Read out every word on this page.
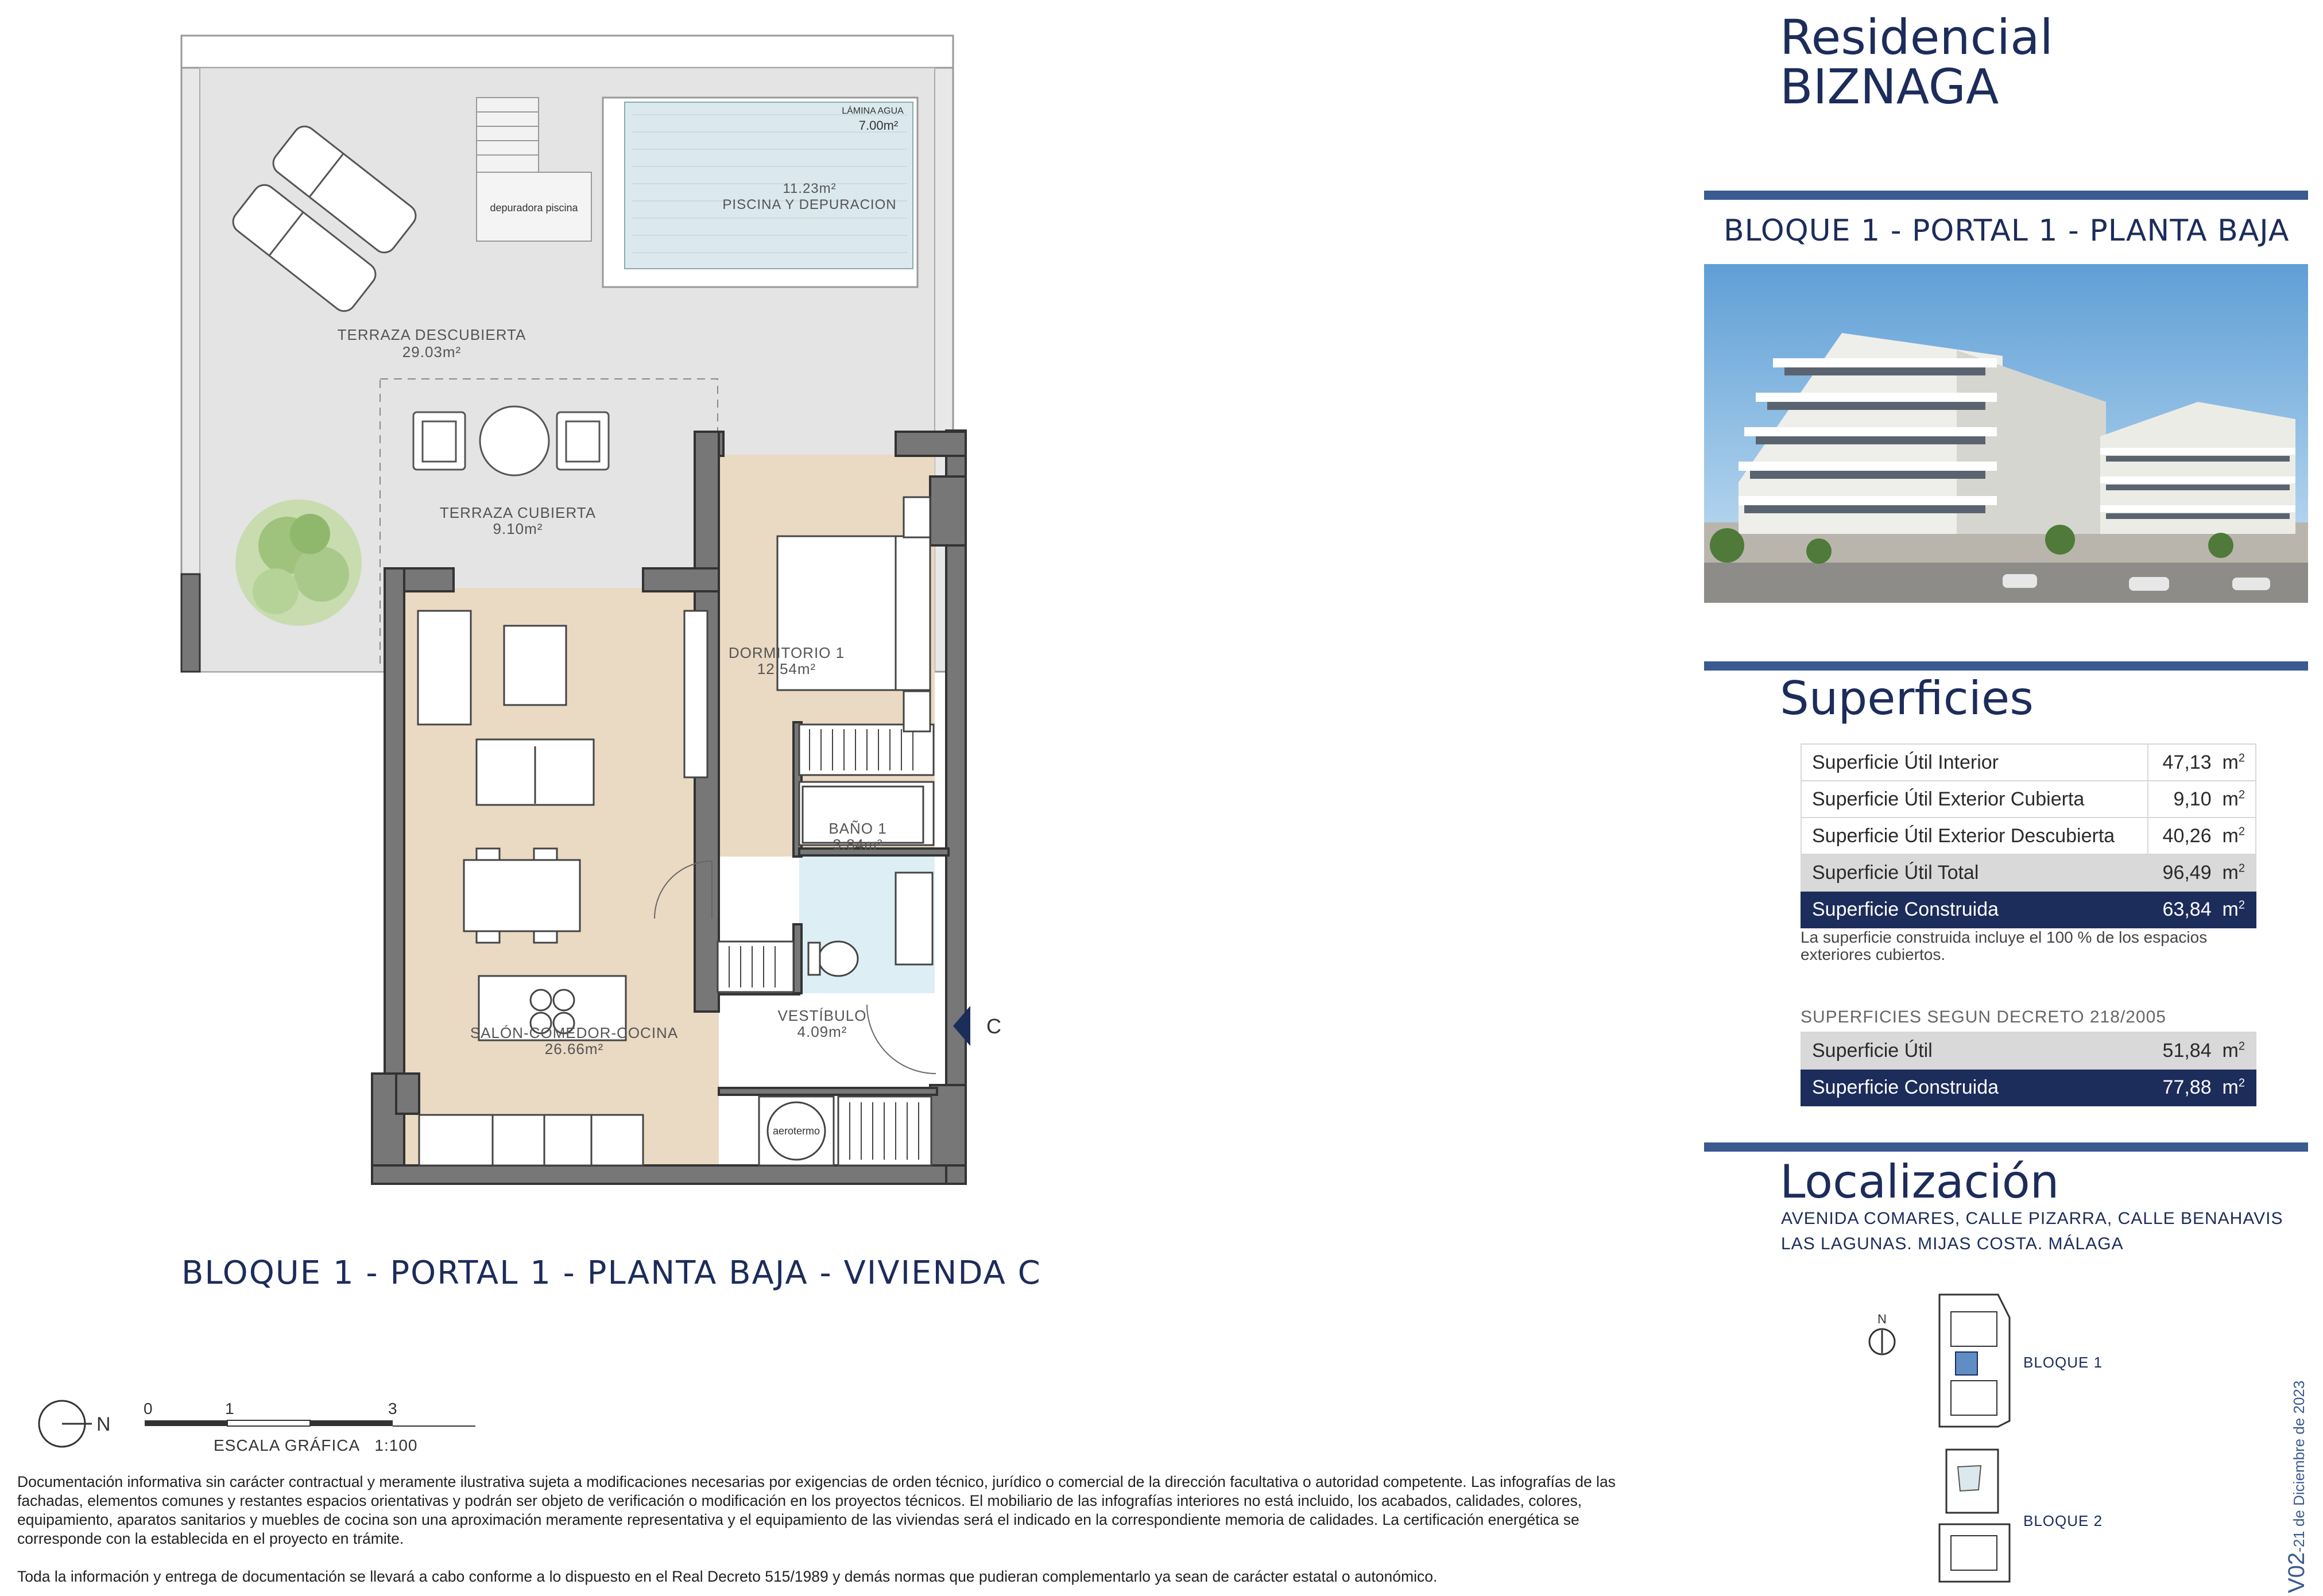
depuradora piscina
LÁMINA AGUA
7.00m²
11.23m²
PISCINA Y DEPURACION
TERRAZA DESCUBIERTA
29.03m²
TERRAZA CUBIERTA
9.10m²
aerotermo
DORMITORIO 1
12.54m²
BAÑO 1
3.84m²
VESTÍBULO
4.09m²
SALÓN-COMEDOR-COCINA
26.66m²
C
BLOQUE 1 - PORTAL 1 - PLANTA BAJA - VIVIENDA C
N
0	1	3
ESCALA GRÁFICA 1:100
Documentación informativa sin carácter contractual y meramente ilustrativa sujeta a modificaciones necesarias por exigencias de orden técnico, jurídico o comercial de la dirección facultativa o autoridad competente. Las infografías de las fachadas, elementos comunes y restantes espacios orientativas y podrán ser objeto de verificación o modificación en los proyectos técnicos. El mobiliario de las infografías interiores no está incluido, los acabados, calidades, colores, equipamiento, aparatos sanitarios y muebles de cocina son una aproximación meramente representativa y el equipamiento de las viviendas será el indicado en la correspondiente memoria de calidades. La certificación energética se corresponde con la establecida en el proyecto en trámite.
Toda la información y entrega de documentación se llevará a cabo conforme a lo dispuesto en el Real Decreto 515/1989 y demás normas que pudieran complementarlo ya sean de carácter estatal o autonómico.
Residencial
BIZNAGA
BLOQUE 1 - PORTAL 1 - PLANTA BAJA
Superficies
Superficie Útil Interior	47,13 $m^2$
Superficie Útil Exterior Cubierta	9,10 $m^2$
Superficie Útil Exterior Descubierta	40,26 $m^2$
Superficie Útil Total	96,49 $m^2$
Superficie Construida	63,84 $m^2$
La superficie construida incluye el 100 % de los espacios exteriores cubiertos.
SUPERFICIES SEGUN DECRETO 218/2005
Superficie Útil	51,84 $m^2$
Superficie Construida	77,88 $m^2$
Localización
AVENIDA COMARES, CALLE PIZARRA, CALLE BENAHAVIS
LAS LAGUNAS. MIJAS COSTA. MÁLAGA
N
BLOQUE 1
BLOQUE 2
V02-21 de Diciembre de 2023
